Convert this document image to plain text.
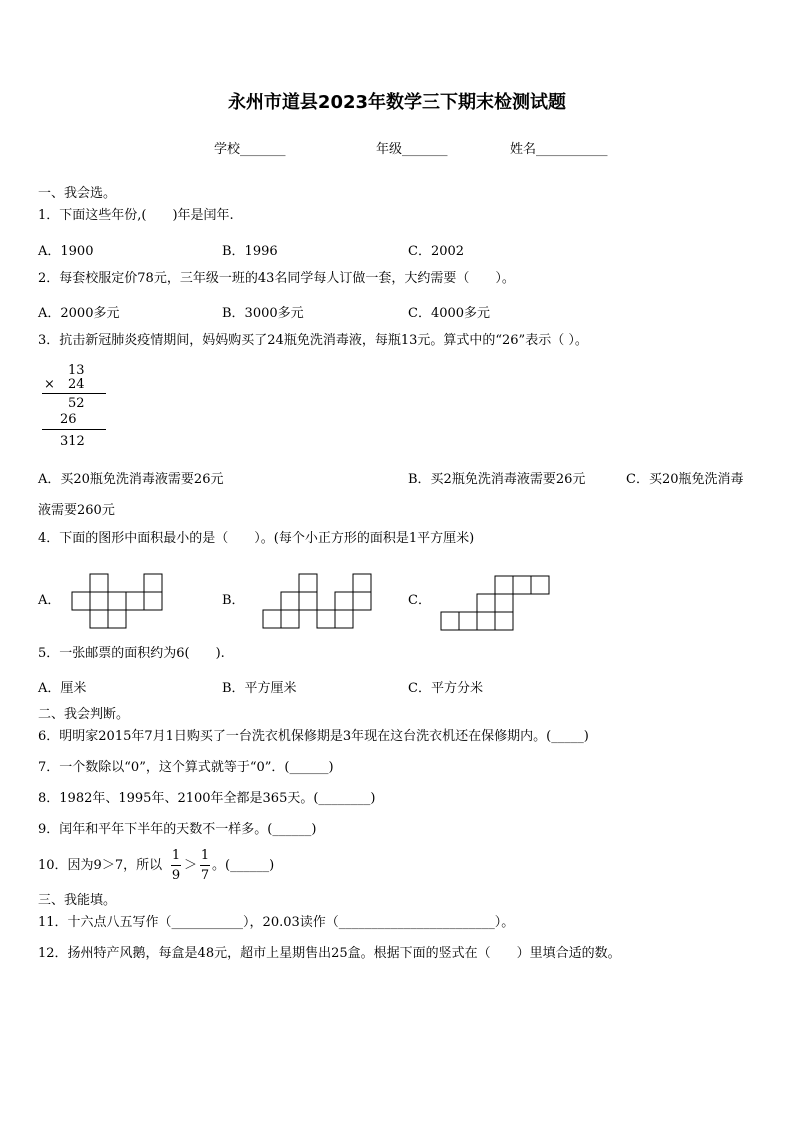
永州市道县2023年数学三下期末检测试题
学校_______	年级_______	姓名___________
一、我会选。
1．下面这些年份,(　　)年是闰年.
A．1900	B．1996	C．2002
2．每套校服定价78元，三年级一班的43名同学每人订做一套，大约需要（　　）。
A．2000多元	B．3000多元	C．4000多元
3．抗击新冠肺炎疫情期间，妈妈购买了24瓶免洗消毒液，每瓶13元。算式中的“26”表示（ ）。
13
× 24
52
26
312
A．买20瓶免洗消毒液需要26元	B．买2瓶免洗消毒液需要26元	C．买20瓶免洗消毒
液需要260元
4．下面的图形中面积最小的是（　　）。(每个小正方形的面积是1平方厘米)
A．	B．	C．
5．一张邮票的面积约为6(　　).
A．厘米	B．平方厘米	C．平方分米
二、我会判断。
6．明明家2015年7月1日购买了一台洗衣机保修期是3年现在这台洗衣机还在保修期内。(_____)
7．一个数除以“0”，这个算式就等于“0”．(______)
8．1982年、1995年、2100年全都是365天。(________)
9．闰年和平年下半年的天数不一样多。(______)
10．因为9＞7，所以
1
9
＞
1
7
。(______)
三、我能填。
11．十六点八五写作（___________），20.03读作（________________________）。
12．扬州特产风鹅，每盒是48元，超市上星期售出25盒。根据下面的竖式在（　　）里填合适的数。
